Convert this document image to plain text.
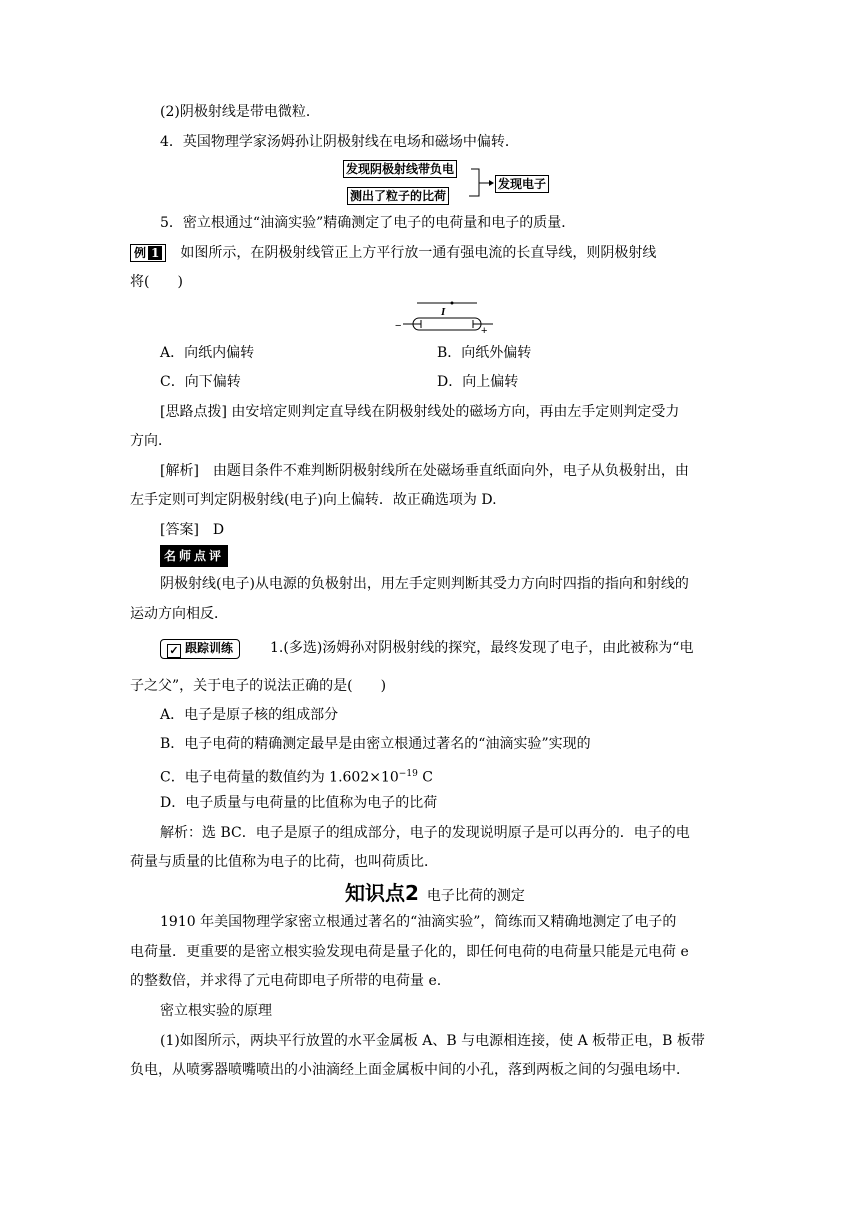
(2)阴极射线是带电微粒．
4．英国物理学家汤姆孙让阴极射线在电场和磁场中偏转．
发现阴极射线带负电
测出了粒子的比荷
发现电子
5．密立根通过“油滴实验”精确测定了电子的电荷量和电子的质量．
例 1 如图所示，在阴极射线管正上方平行放一通有强电流的长直导线，则阴极射线
将(　　)
I
−	+
A．向纸内偏转	B．向纸外偏转
C．向下偏转	D．向上偏转
[思路点拨] 由安培定则判定直导线在阴极射线处的磁场方向，再由左手定则判定受力
方向．
[解析]　由题目条件不难判断阴极射线所在处磁场垂直纸面向外，电子从负极射出，由
左手定则可判定阴极射线(电子)向上偏转．故正确选项为 D.
[答案]　D
名师点评
阴极射线(电子)从电源的负极射出，用左手定则判断其受力方向时四指的指向和射线的
运动方向相反．
✓ 跟踪训练	1.(多选)汤姆孙对阴极射线的探究，最终发现了电子，由此被称为“电
子之父”，关于电子的说法正确的是(　　)
A．电子是原子核的组成部分
B．电子电荷的精确测定最早是由密立根通过著名的“油滴实验”实现的
C．电子电荷量的数值约为 $1.602\times 10^{-19}$ C
D．电子质量与电荷量的比值称为电子的比荷
解析：选 BC．电子是原子的组成部分，电子的发现说明原子是可以再分的．电子的电
荷量与质量的比值称为电子的比荷，也叫荷质比．
知识点2 电子比荷的测定
1910 年美国物理学家密立根通过著名的“油滴实验”，简练而又精确地测定了电子的
电荷量．更重要的是密立根实验发现电荷是量子化的，即任何电荷的电荷量只能是元电荷 e
的整数倍，并求得了元电荷即电子所带的电荷量 e.
密立根实验的原理
(1)如图所示，两块平行放置的水平金属板 A、B 与电源相连接，使 A 板带正电，B 板带
负电，从喷雾器喷嘴喷出的小油滴经上面金属板中间的小孔，落到两板之间的匀强电场中．
